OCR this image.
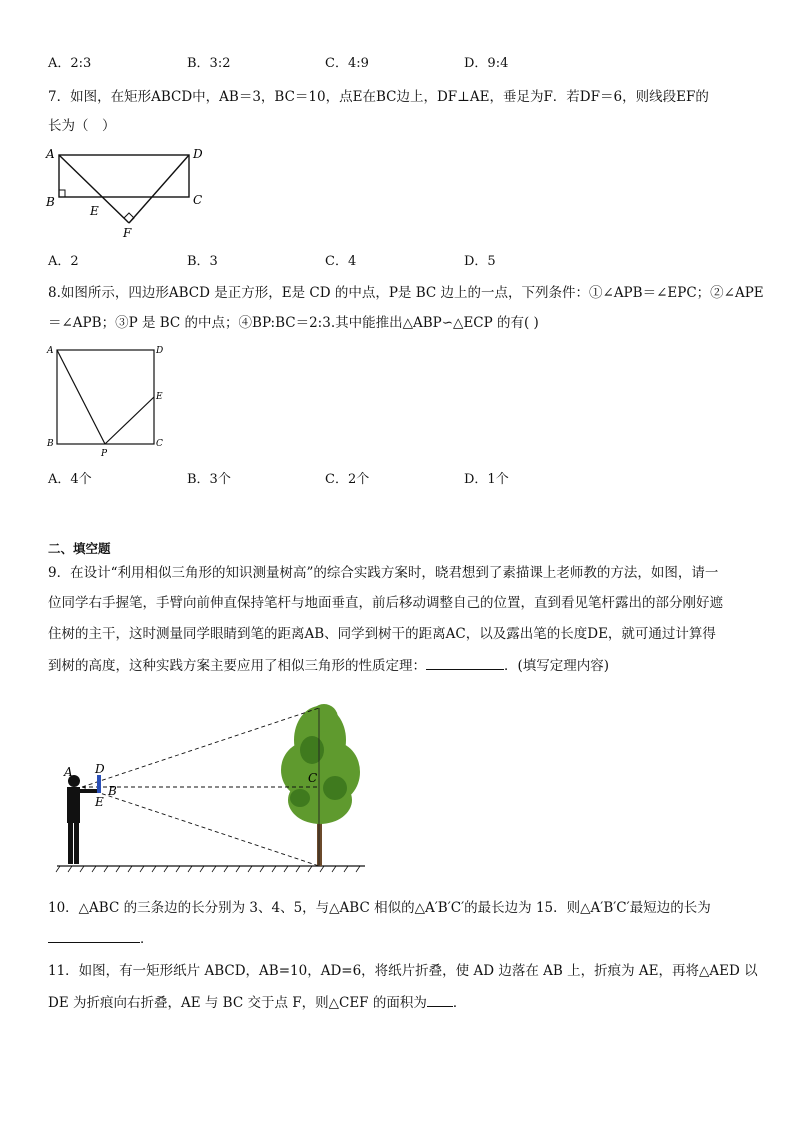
A．2:3	B．3:2	C．4:9	D．9:4
7．如图，在矩形ABCD中，AB＝3，BC＝10，点E在BC边上，DF⊥AE，垂足为F．若DF＝6，则线段EF的
长为（　）
A	D
B
E
C
F
A．2	B．3	C．4	D．5
8.如图所示，四边形ABCD 是正方形，E是 CD 的中点，P是 BC 边上的一点，下列条件：①∠APB＝∠EPC；②∠APE
＝∠APB；③P 是 BC 的中点；④BP:BC＝2:3.其中能推出△ABP∽△ECP 的有( )
A	D
E
B
P
C
A．4个	B．3个	C．2个	D．1个
二、填空题
9．在设计“利用相似三角形的知识测量树高”的综合实践方案时，晓君想到了素描课上老师教的方法，如图，请一
位同学右手握笔，手臂向前伸直保持笔杆与地面垂直，前后移动调整自己的位置，直到看见笔杆露出的部分刚好遮
住树的主干，这时测量同学眼睛到笔的距离AB、同学到树干的距离AC，以及露出笔的长度DE，就可通过计算得
到树的高度，这种实践方案主要应用了相似三角形的性质定理：	．(填写定理内容)
A D
B
E
C
10．△ABC 的三条边的长分别为 3、4、5，与△ABC 相似的△A′B′C′的最长边为 15．则△A′B′C′最短边的长为
．
11．如图，有一矩形纸片 ABCD，AB=10，AD=6，将纸片折叠，使 AD 边落在 AB 上，折痕为 AE，再将△AED 以
DE 为折痕向右折叠，AE 与 BC 交于点 F，则△CEF 的面积为 ．
